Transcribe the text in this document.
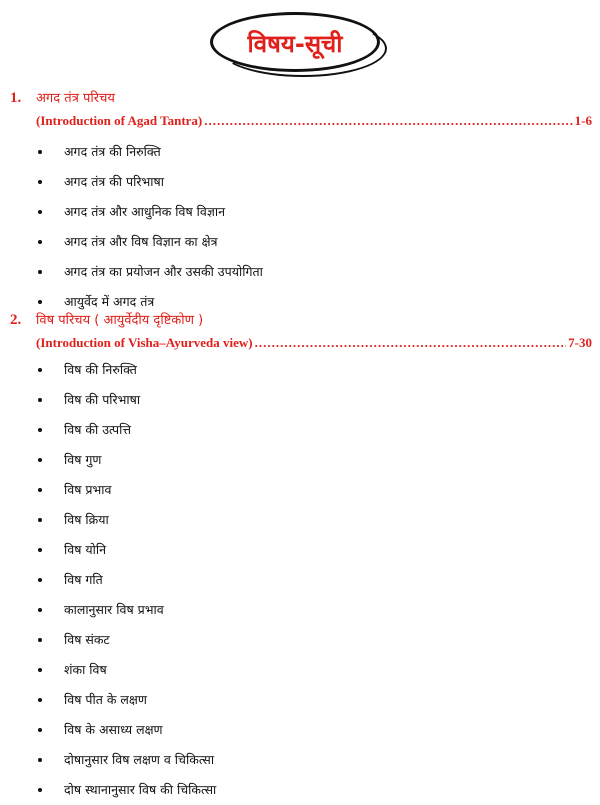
विषय-सूची
1.	अगद तंत्र परिचय
(Introduction of Agad Tantra) .....	1-6
अगद तंत्र की निरुक्ति
अगद तंत्र की परिभाषा
अगद तंत्र और आधुनिक विष विज्ञान
अगद तंत्र और विष विज्ञान का क्षेत्र
अगद तंत्र का प्रयोजन और उसकी उपयोगिता
आयुर्वेद में अगद तंत्र
2.	विष परिचय ( आयुर्वेदीय दृष्टिकोण )
(Introduction of Visha–Ayurveda view) .....	7-30
विष की निरुक्ति
विष की परिभाषा
विष की उत्पत्ति
विष गुण
विष प्रभाव
विष क्रिया
विष योनि
विष गति
कालानुसार विष प्रभाव
विष संकट
शंका विष
विष पीत के लक्षण
विष के असाध्य लक्षण
दोषानुसार विष लक्षण व चिकित्सा
दोष स्थानानुसार विष की चिकित्सा
